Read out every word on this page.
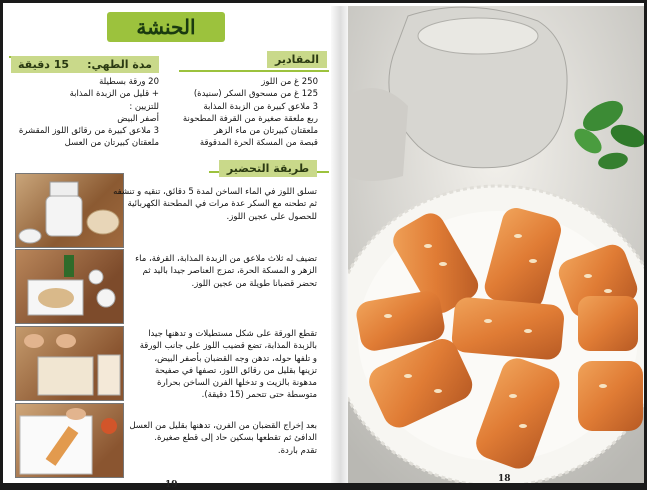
الحنشة
مدة الطهي:
15 دقيقة	المقادير
250 غ من اللوز
125 غ من مسحوق السكر (سنيدة)
3 ملاعق كبيرة من الزبدة المذابة
ربع ملعقة صغيرة من القرفة المطحونة
ملعقتان كبيرتان من ماء الزهر
قبصة من المسكة الحرة المدقوقة
20 ورقة بسطيلة
+ قليل من الزبدة المذابة
للتزيين :
أصفر البيض
3 ملاعق كبيرة من رقائق اللوز المقشرة
ملعقتان كبيرتان من العسل
طريقة التحضير
تسلق اللوز في الماء الساخن لمدة 5 دقائق، تنقيه و تنشفه
ثم تطحنه مع السكر عدة مرات في المطحنة الكهربائية
للحصول على عجين اللوز.
تضيف له ثلاث ملاعق من الزبدة المذابة، القرفة، ماء
الزهر و المسكة الحرة، تمزج العناصر جيدا باليد ثم
تحضر قضبانا طويلة من عجين اللوز.
تقطع الورقة على شكل مستطيلات و تدهنها جيدا
بالزبدة المذابة، تضع قضيب اللوز على جانب الورقة
و تلفها حوله، تدهن وجه القضبان بأصفر البيض،
تزينها بقليل من رقائق اللوز، تصفها في صفيحة
مدهونة بالزيت و تدخلها الفرن الساخن بحرارة
متوسطة حتى تتحمر (15 دقيقة).
بعد إخراج القضبان من الفرن، تدهنها بقليل من العسل
الدافئ ثم تقطعها بسكين حاد إلى قطع صغيرة.
تقدم باردة.
19
18
